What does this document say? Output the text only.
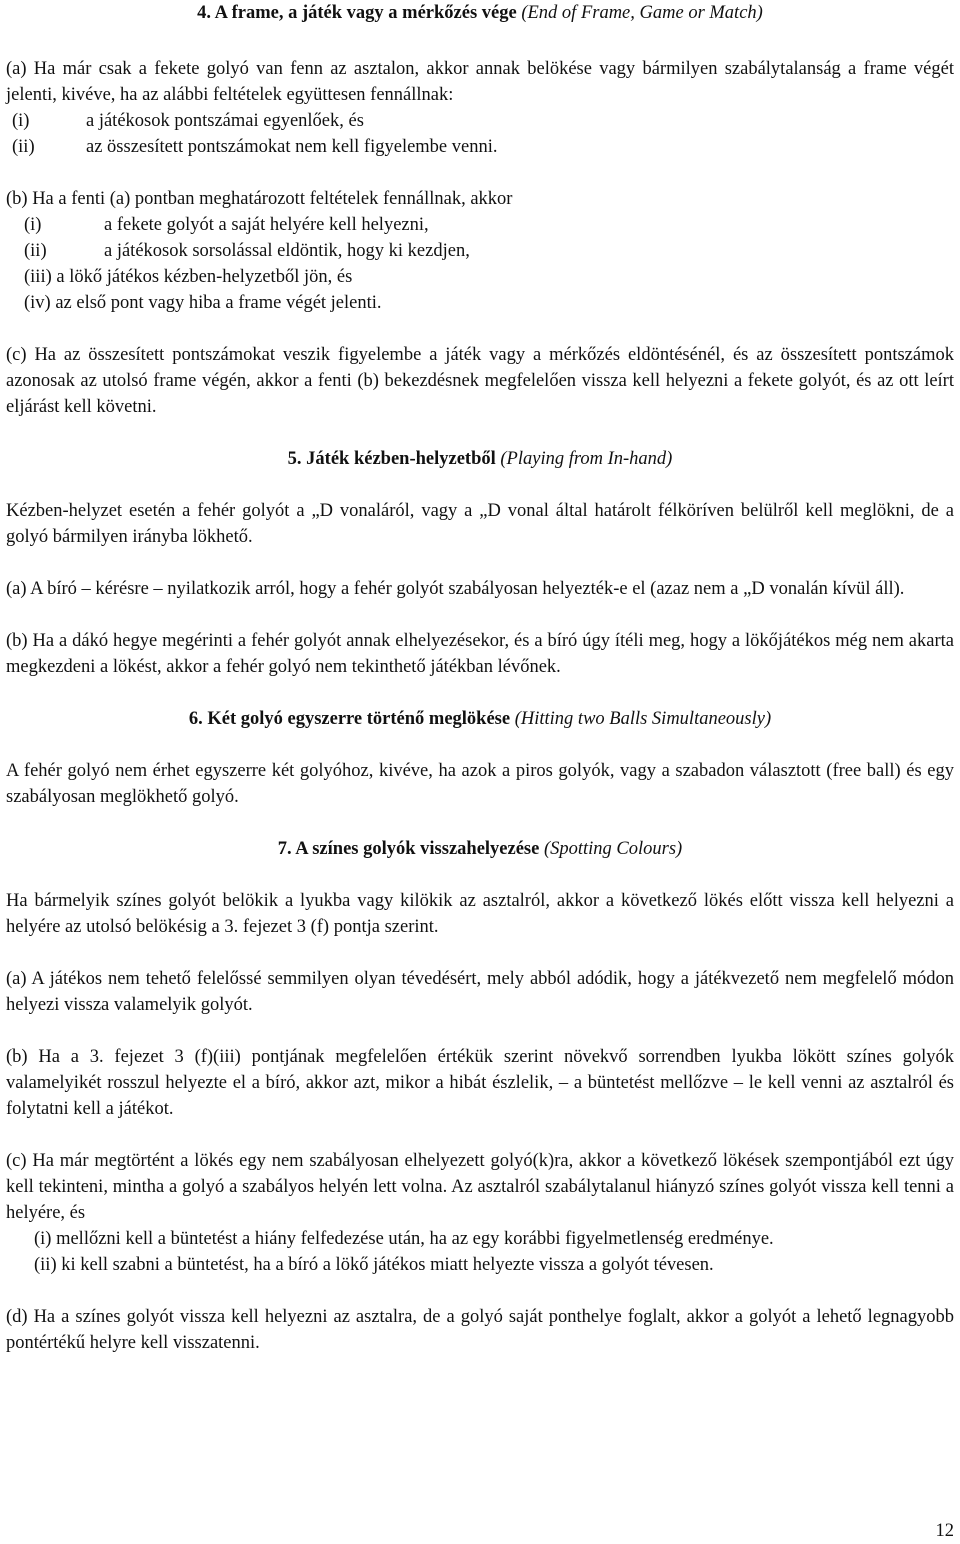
4. A frame, a játék vagy a mérkőzés vége (End of Frame, Game or Match)

(a) Ha már csak a fekete golyó van fenn az asztalon, akkor annak belökése vagy bármilyen szabálytalanság a frame végét jelenti, kivéve, ha az alábbi feltételek együttesen fennállnak:

(i)	a játékosok pontszámai egyenlőek, és
(ii)	az összesített pontszámokat nem kell figyelembe venni.

(b) Ha a fenti (a) pontban meghatározott feltételek fennállnak, akkor

(i)	a fekete golyót a saját helyére kell helyezni,
(ii)	a játékosok sorsolással eldöntik, hogy ki kezdjen,
(iii) a lökő játékos kézben-helyzetből jön, és
(iv) az első pont vagy hiba a frame végét jelenti.

(c) Ha az összesített pontszámokat veszik figyelembe a játék vagy a mérkőzés eldöntésénél, és az összesített pontszámok azonosak az utolsó frame végén, akkor a fenti (b) bekezdésnek megfelelően vissza kell helyezni a fekete golyót, és az ott leírt eljárást kell követni.

5. Játék kézben-helyzetből (Playing from In-hand)

Kézben-helyzet esetén a fehér golyót a „D vonaláról, vagy a „D vonal által határolt félköríven belülről kell meglökni, de a golyó bármilyen irányba lökhető.

(a) A bíró – kérésre – nyilatkozik arról, hogy a fehér golyót szabályosan helyezték-e el (azaz nem a „D vonalán kívül áll).

(b) Ha a dákó hegye megérinti a fehér golyót annak elhelyezésekor, és a bíró úgy ítéli meg, hogy a lökőjátékos még nem akarta megkezdeni a lökést, akkor a fehér golyó nem tekinthető játékban lévőnek.

6. Két golyó egyszerre történő meglökése (Hitting two Balls Simultaneously)

A fehér golyó nem érhet egyszerre két golyóhoz, kivéve, ha azok a piros golyók, vagy a szabadon választott (free ball) és egy szabályosan meglökhető golyó.

7. A színes golyók visszahelyezése (Spotting Colours)

Ha bármelyik színes golyót belökik a lyukba vagy kilökik az asztalról, akkor a következő lökés előtt vissza kell helyezni a helyére az utolsó belökésig a 3. fejezet 3 (f) pontja szerint.

(a) A játékos nem tehető felelőssé semmilyen olyan tévedésért, mely abból adódik, hogy a játékvezető nem megfelelő módon helyezi vissza valamelyik golyót.

(b) Ha a 3. fejezet 3 (f)(iii) pontjának megfelelően értékük szerint növekvő sorrendben lyukba lökött színes golyók valamelyikét rosszul helyezte el a bíró, akkor azt, mikor a hibát észlelik, – a büntetést mellőzve – le kell venni az asztalról és folytatni kell a játékot.

(c) Ha már megtörtént a lökés egy nem szabályosan elhelyezett golyó(k)ra, akkor a következő lökések szempontjából ezt úgy kell tekinteni, mintha a golyó a szabályos helyén lett volna. Az asztalról szabálytalanul hiányzó színes golyót vissza kell tenni a helyére, és

(i) mellőzni kell a büntetést a hiány felfedezése után, ha az egy korábbi figyelmetlenség eredménye.

(ii) ki kell szabni a büntetést, ha a bíró a lökő játékos miatt helyezte vissza a golyót tévesen.

(d) Ha a színes golyót vissza kell helyezni az asztalra, de a golyó saját ponthelye foglalt, akkor a golyót a lehető legnagyobb pontértékű helyre kell visszatenni.

12
